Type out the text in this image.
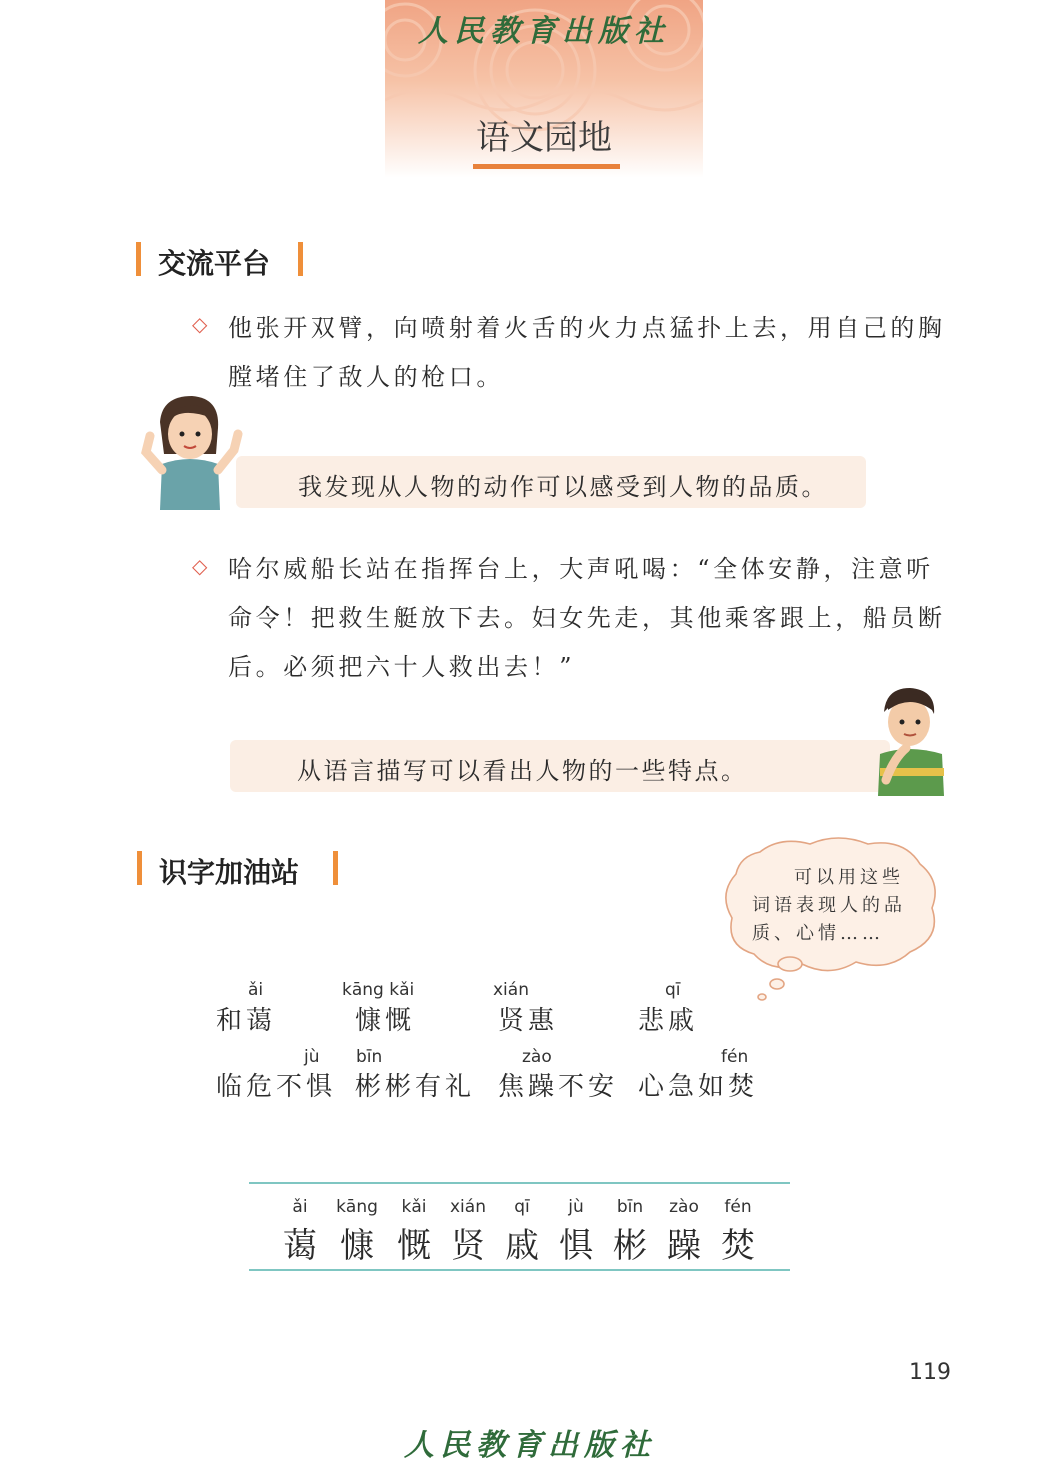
人民教育出版社
语文园地
交流平台
◇ 他张开双臂，向喷射着火舌的火力点猛扑上去，用自己的胸膛堵住了敌人的枪口。
我发现从人物的动作可以感受到人物的品质。
◇ 哈尔威船长站在指挥台上，大声吼喝：“全体安静，注意听命令！把救生艇放下去。妇女先走，其他乘客跟上，船员断后。必须把六十人救出去！”
从语言描写可以看出人物的一些特点。
识字加油站	可以用这些词语表现人的品质、心情……
ǎi
和蔼
kāng kǎi
慷慨
xián
贤惠
qī
悲戚
jù
临危不惧
bīn
彬彬有礼
zào
焦躁不安
fén
心急如焚
ǎi
蔼
kāng
慷
kǎi
慨
xián
贤
qī
戚
jù
惧
bīn
彬
zào
躁
fén
焚
119
人民教育出版社
